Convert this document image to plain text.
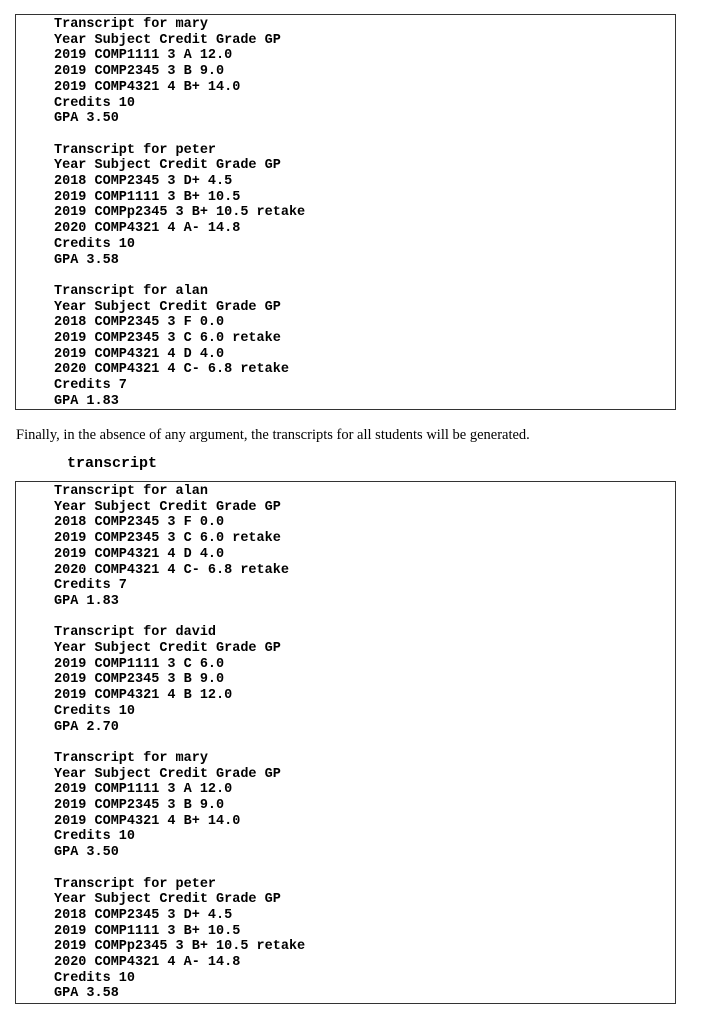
Transcript for mary
Year Subject Credit Grade GP
2019 COMP1111 3 A 12.0
2019 COMP2345 3 B 9.0
2019 COMP4321 4 B+ 14.0
Credits 10
GPA 3.50
Transcript for peter
Year Subject Credit Grade GP
2018 COMP2345 3 D+ 4.5
2019 COMP1111 3 B+ 10.5
2019 COMPp2345 3 B+ 10.5 retake
2020 COMP4321 4 A- 14.8
Credits 10
GPA 3.58
Transcript for alan
Year Subject Credit Grade GP
2018 COMP2345 3 F 0.0
2019 COMP2345 3 C 6.0 retake
2019 COMP4321 4 D 4.0
2020 COMP4321 4 C- 6.8 retake
Credits 7
GPA 1.83
Finally, in the absence of any argument, the transcripts for all students will be generated.
transcript
Transcript for alan
Year Subject Credit Grade GP
2018 COMP2345 3 F 0.0
2019 COMP2345 3 C 6.0 retake
2019 COMP4321 4 D 4.0
2020 COMP4321 4 C- 6.8 retake
Credits 7
GPA 1.83
Transcript for david
Year Subject Credit Grade GP
2019 COMP1111 3 C 6.0
2019 COMP2345 3 B 9.0
2019 COMP4321 4 B 12.0
Credits 10
GPA 2.70
Transcript for mary
Year Subject Credit Grade GP
2019 COMP1111 3 A 12.0
2019 COMP2345 3 B 9.0
2019 COMP4321 4 B+ 14.0
Credits 10
GPA 3.50
Transcript for peter
Year Subject Credit Grade GP
2018 COMP2345 3 D+ 4.5
2019 COMP1111 3 B+ 10.5
2019 COMPp2345 3 B+ 10.5 retake
2020 COMP4321 4 A- 14.8
Credits 10
GPA 3.58
